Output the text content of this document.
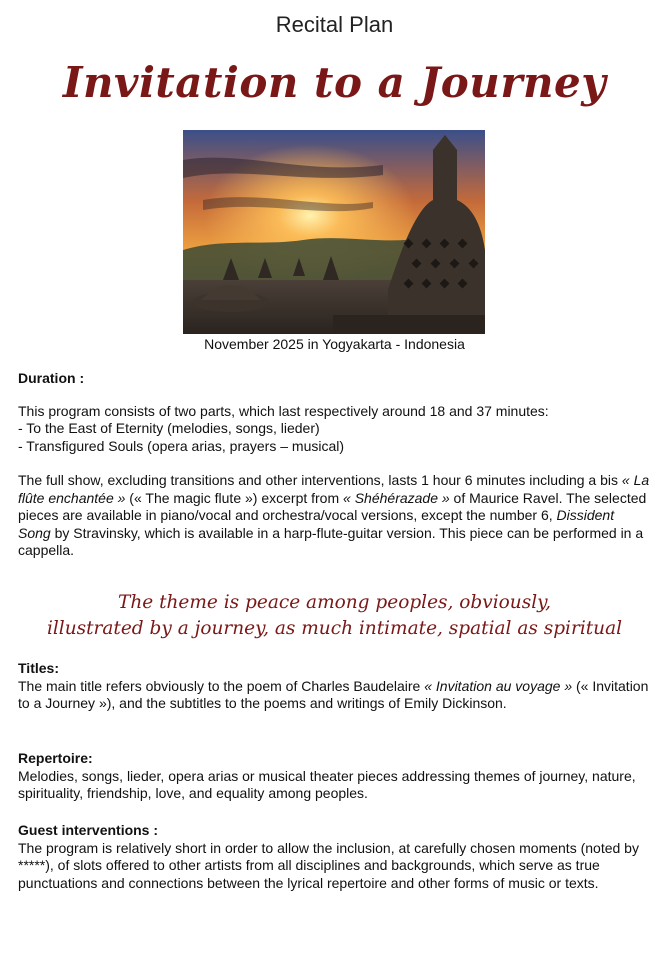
Recital Plan
Invitation to a Journey
November 2025 in Yogyakarta - Indonesia
Duration :

This program consists of two parts, which last respectively around 18 and 37 minutes:

- To the East of Eternity (melodies, songs, lieder)

- Transfigured Souls (opera arias, prayers – musical)

The full show, excluding transitions and other interventions, lasts 1 hour 6 minutes including a bis « La flûte enchantée » (« The magic flute ») excerpt from « Shéhérazade » of Maurice Ravel. The selected pieces are available in piano/vocal and orchestra/vocal versions, except the number 6, Dissident Song by Stravinsky, which is available in a harp-flute-guitar version. This piece can be performed in a cappella.

The theme is peace among peoples, obviously,
illustrated by a journey, as much intimate, spatial as spiritual
Titles:

The main title refers obviously to the poem of Charles Baudelaire « Invitation au voyage » (« Invitation to a Journey »), and the subtitles to the poems and writings of Emily Dickinson.

Repertoire:

Melodies, songs, lieder, opera arias or musical theater pieces addressing themes of journey, nature, spirituality, friendship, love, and equality among peoples.

Guest interventions :

The program is relatively short in order to allow the inclusion, at carefully chosen moments (noted by *****), of slots offered to other artists from all disciplines and backgrounds, which serve as true punctuations and connections between the lyrical repertoire and other forms of music or texts.
